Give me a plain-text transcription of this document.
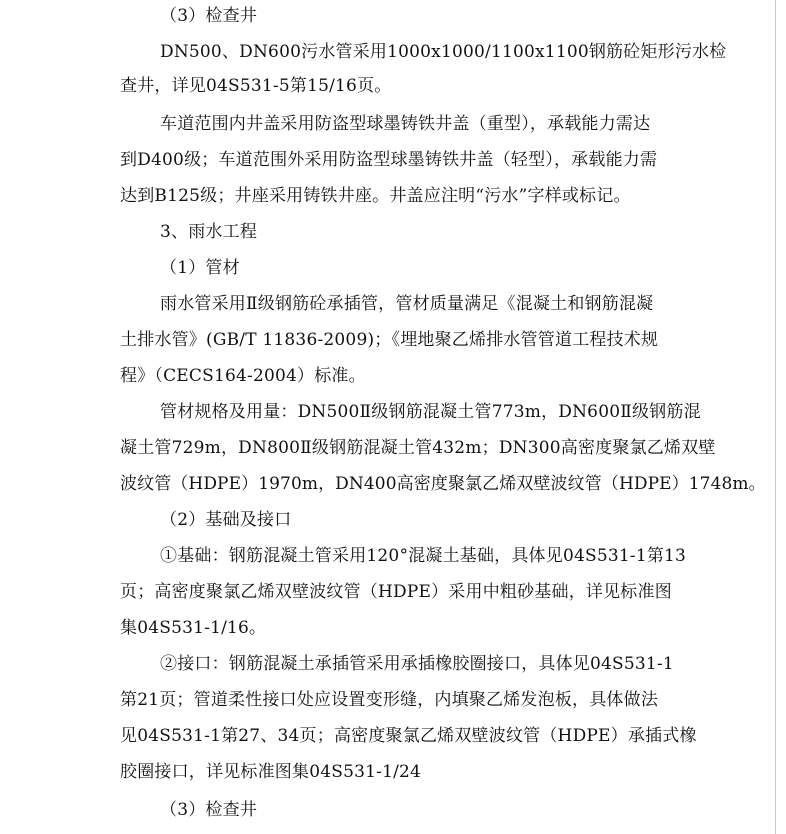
（3）检查井
DN500、DN600污水管采用1000x1000/1100x1100钢筋砼矩形污水检
查井，详见04S531-5第15/16页。
车道范围内井盖采用防盗型球墨铸铁井盖（重型），承载能力需达
到D400级；车道范围外采用防盗型球墨铸铁井盖（轻型），承载能力需
达到B125级；井座采用铸铁井座。井盖应注明“污水”字样或标记。
3、雨水工程
（1）管材
雨水管采用Ⅱ级钢筋砼承插管，管材质量满足《混凝土和钢筋混凝
土排水管》(GB/T 11836-2009)；《埋地聚乙烯排水管管道工程技术规
程》（CECS164-2004）标准。
管材规格及用量：DN500Ⅱ级钢筋混凝土管773m，DN600Ⅱ级钢筋混
凝土管729m，DN800Ⅱ级钢筋混凝土管432m；DN300高密度聚氯乙烯双壁
波纹管（HDPE）1970m，DN400高密度聚氯乙烯双壁波纹管（HDPE）1748m。
（2）基础及接口
①基础：钢筋混凝土管采用120°混凝土基础，具体见04S531-1第13
页；高密度聚氯乙烯双壁波纹管（HDPE）采用中粗砂基础，详见标准图
集04S531-1/16。
②接口：钢筋混凝土承插管采用承插橡胶圈接口，具体见04S531-1
第21页；管道柔性接口处应设置变形缝，内填聚乙烯发泡板，具体做法
见04S531-1第27、34页；高密度聚氯乙烯双壁波纹管（HDPE）承插式橡
胶圈接口，详见标准图集04S531-1/24
（3）检查井
